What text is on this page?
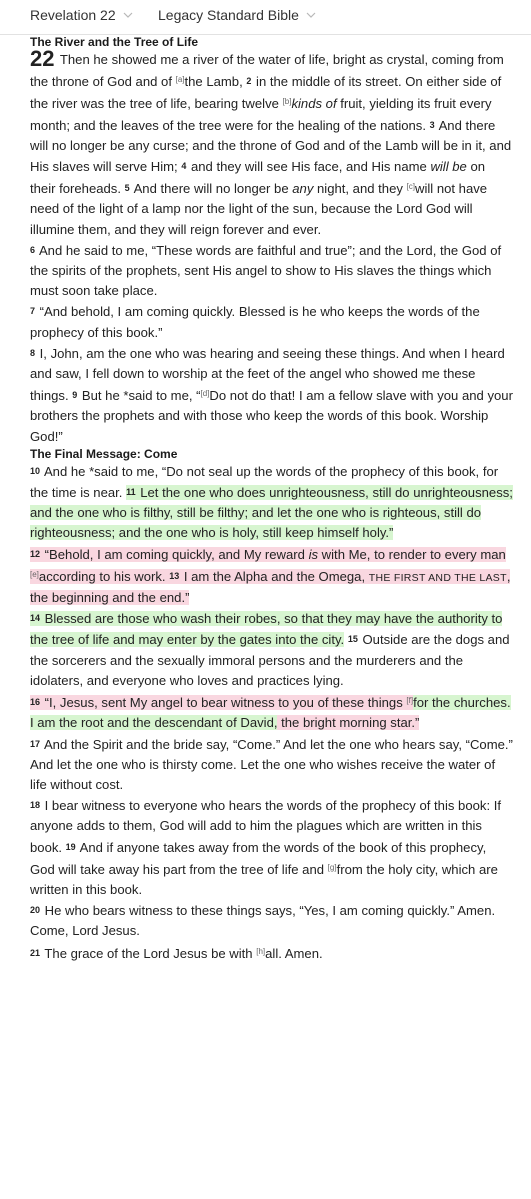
Revelation 22	Legacy Standard Bible
The River and the Tree of Life

22 Then he showed me a river of the water of life, bright as crystal, coming from the throne of God and of [a]the Lamb, $^2$ in the middle of its street. On either side of the river was the tree of life, bearing twelve [b]kinds of fruit, yielding its fruit every month; and the leaves of the tree were for the healing of the nations. $^3$ And there will no longer be any curse; and the throne of God and of the Lamb will be in it, and His slaves will serve Him; $^4$ and they will see His face, and His name will be on their foreheads. $^5$ And there will no longer be any night, and they [c]will not have need of the light of a lamp nor the light of the sun, because the Lord God will illumine them, and they will reign forever and ever.

$^6$ And he said to me, “These words are faithful and true”; and the Lord, the God of the spirits of the prophets, sent His angel to show to His slaves the things which must soon take place.

$^7$ “And behold, I am coming quickly. Blessed is he who keeps the words of the prophecy of this book.”

$^8$ I, John, am the one who was hearing and seeing these things. And when I heard and saw, I fell down to worship at the feet of the angel who showed me these things. $^9$ But he *said to me, “[d]Do not do that! I am a fellow slave with you and your brothers the prophets and with those who keep the words of this book. Worship God!”

The Final Message: Come

$^{10}$ And he *said to me, “Do not seal up the words of the prophecy of this book, for the time is near. $^{11}$ Let the one who does unrighteousness, still do unrighteousness; and the one who is filthy, still be filthy; and let the one who is righteous, still do righteousness; and the one who is holy, still keep himself holy.”

$^{12}$ “Behold, I am coming quickly, and My reward is with Me, to render to every man [e]according to his work. $^{13}$ I am the Alpha and the Omega, THE FIRST AND THE LAST, the beginning and the end.”

$^{14}$ Blessed are those who wash their robes, so that they may have the authority to the tree of life and may enter by the gates into the city. $^{15}$ Outside are the dogs and the sorcerers and the sexually immoral persons and the murderers and the idolaters, and everyone who loves and practices lying.

$^{16}$ “I, Jesus, sent My angel to bear witness to you of these things [f]for the churches. I am the root and the descendant of David, the bright morning star.”

$^{17}$ And the Spirit and the bride say, “Come.” And let the one who hears say, “Come.” And let the one who is thirsty come. Let the one who wishes receive the water of life without cost.

$^{18}$ I bear witness to everyone who hears the words of the prophecy of this book: If anyone adds to them, God will add to him the plagues which are written in this book. $^{19}$ And if anyone takes away from the words of the book of this prophecy, God will take away his part from the tree of life and [g]from the holy city, which are written in this book.

$^{20}$ He who bears witness to these things says, “Yes, I am coming quickly.” Amen. Come, Lord Jesus.

$^{21}$ The grace of the Lord Jesus be with [h]all. Amen.
